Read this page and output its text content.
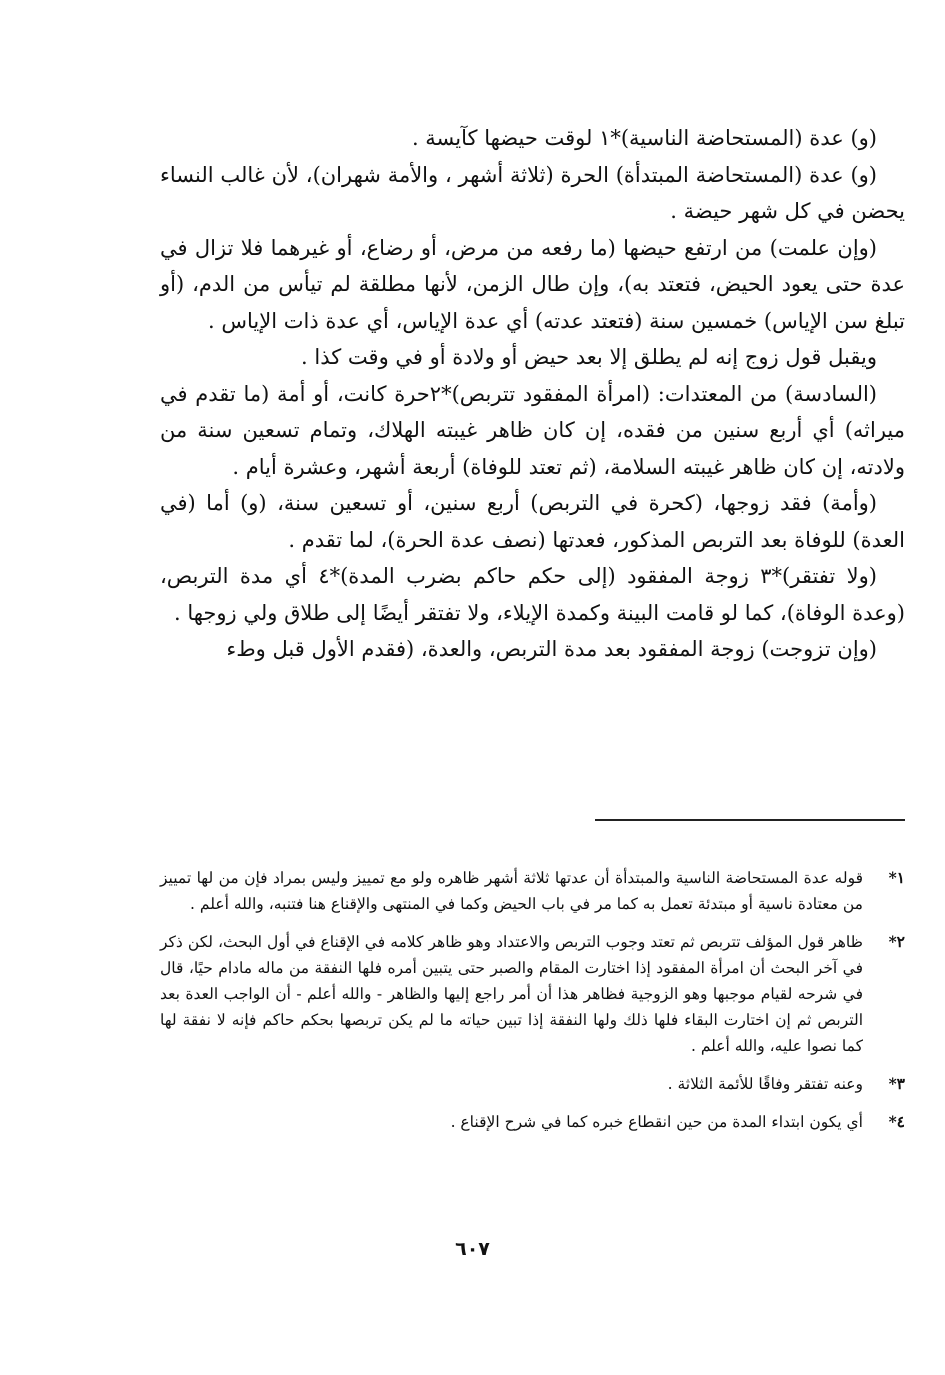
(و) عدة (المستحاضة الناسية)*١ لوقت حيضها كآيسة .

(و) عدة (المستحاضة المبتدأة) الحرة (ثلاثة أشهر ، والأمة شهران)، لأن غالب النساء يحضن في كل شهر حيضة .

(وإن علمت) من ارتفع حيضها (ما رفعه من مرض، أو رضاع، أو غيرهما فلا تزال في عدة حتى يعود الحيض، فتعتد به)، وإن طال الزمن، لأنها مطلقة لم تيأس من الدم، (أو تبلغ سن الإياس) خمسين سنة (فتعتد عدته) أي عدة الإياس، أي عدة ذات الإياس .

ويقبل قول زوج إنه لم يطلق إلا بعد حيض أو ولادة أو في وقت كذا .

(السادسة) من المعتدات: (امرأة المفقود تتربص)*٢حرة كانت، أو أمة (ما تقدم في ميراثه) أي أربع سنين من فقده، إن كان ظاهر غيبته الهلاك، وتمام تسعين سنة من ولادته، إن كان ظاهر غيبته السلامة، (ثم تعتد للوفاة) أربعة أشهر، وعشرة أيام .

(وأمة) فقد زوجها، (كحرة في التربص) أربع سنين، أو تسعين سنة، (و) أما (في العدة) للوفاة بعد التربص المذكور، فعدتها (نصف عدة الحرة)، لما تقدم .

(ولا تفتقر)*٣ زوجة المفقود (إلى حكم حاكم بضرب المدة)*٤ أي مدة التربص، (وعدة الوفاة)، كما لو قامت البينة وكمدة الإيلاء، ولا تفتقر أيضًا إلى طلاق ولي زوجها .

(وإن تزوجت) زوجة المفقود بعد مدة التربص، والعدة، (فقدم الأول قبل وطء

١*

قوله عدة المستحاضة الناسية والمبتدأة أن عدتها ثلاثة أشهر ظاهره ولو مع تمييز وليس بمراد فإن من لها تمييز من معتادة ناسية أو مبتدئة تعمل به كما مر في باب الحيض وكما في المنتهى والإقناع هنا فتنبه، والله أعلم .

٢*

ظاهر قول المؤلف تتربص ثم تعتد وجوب التربص والاعتداد وهو ظاهر كلامه في الإقناع في أول البحث، لكن ذكر في آخر البحث أن امرأة المفقود إذا اختارت المقام والصبر حتى يتبين أمره فلها النفقة من ماله مادام حيًا، قال في شرحه لقيام موجبها وهو الزوجية فظاهر هذا أن أمر راجع إليها والظاهر - والله أعلم - أن الواجب العدة بعد التربص ثم إن اختارت البقاء فلها ذلك ولها النفقة إذا تبين حياته ما لم يكن تربصها بحكم حاكم فإنه لا نفقة لها كما نصوا عليه، والله أعلم .

٣*

وعنه تفتقر وفاقًا للأئمة الثلاثة .

٤*

أي يكون ابتداء المدة من حين انقطاع خبره كما في شرح الإقناع .

٦٠٧
